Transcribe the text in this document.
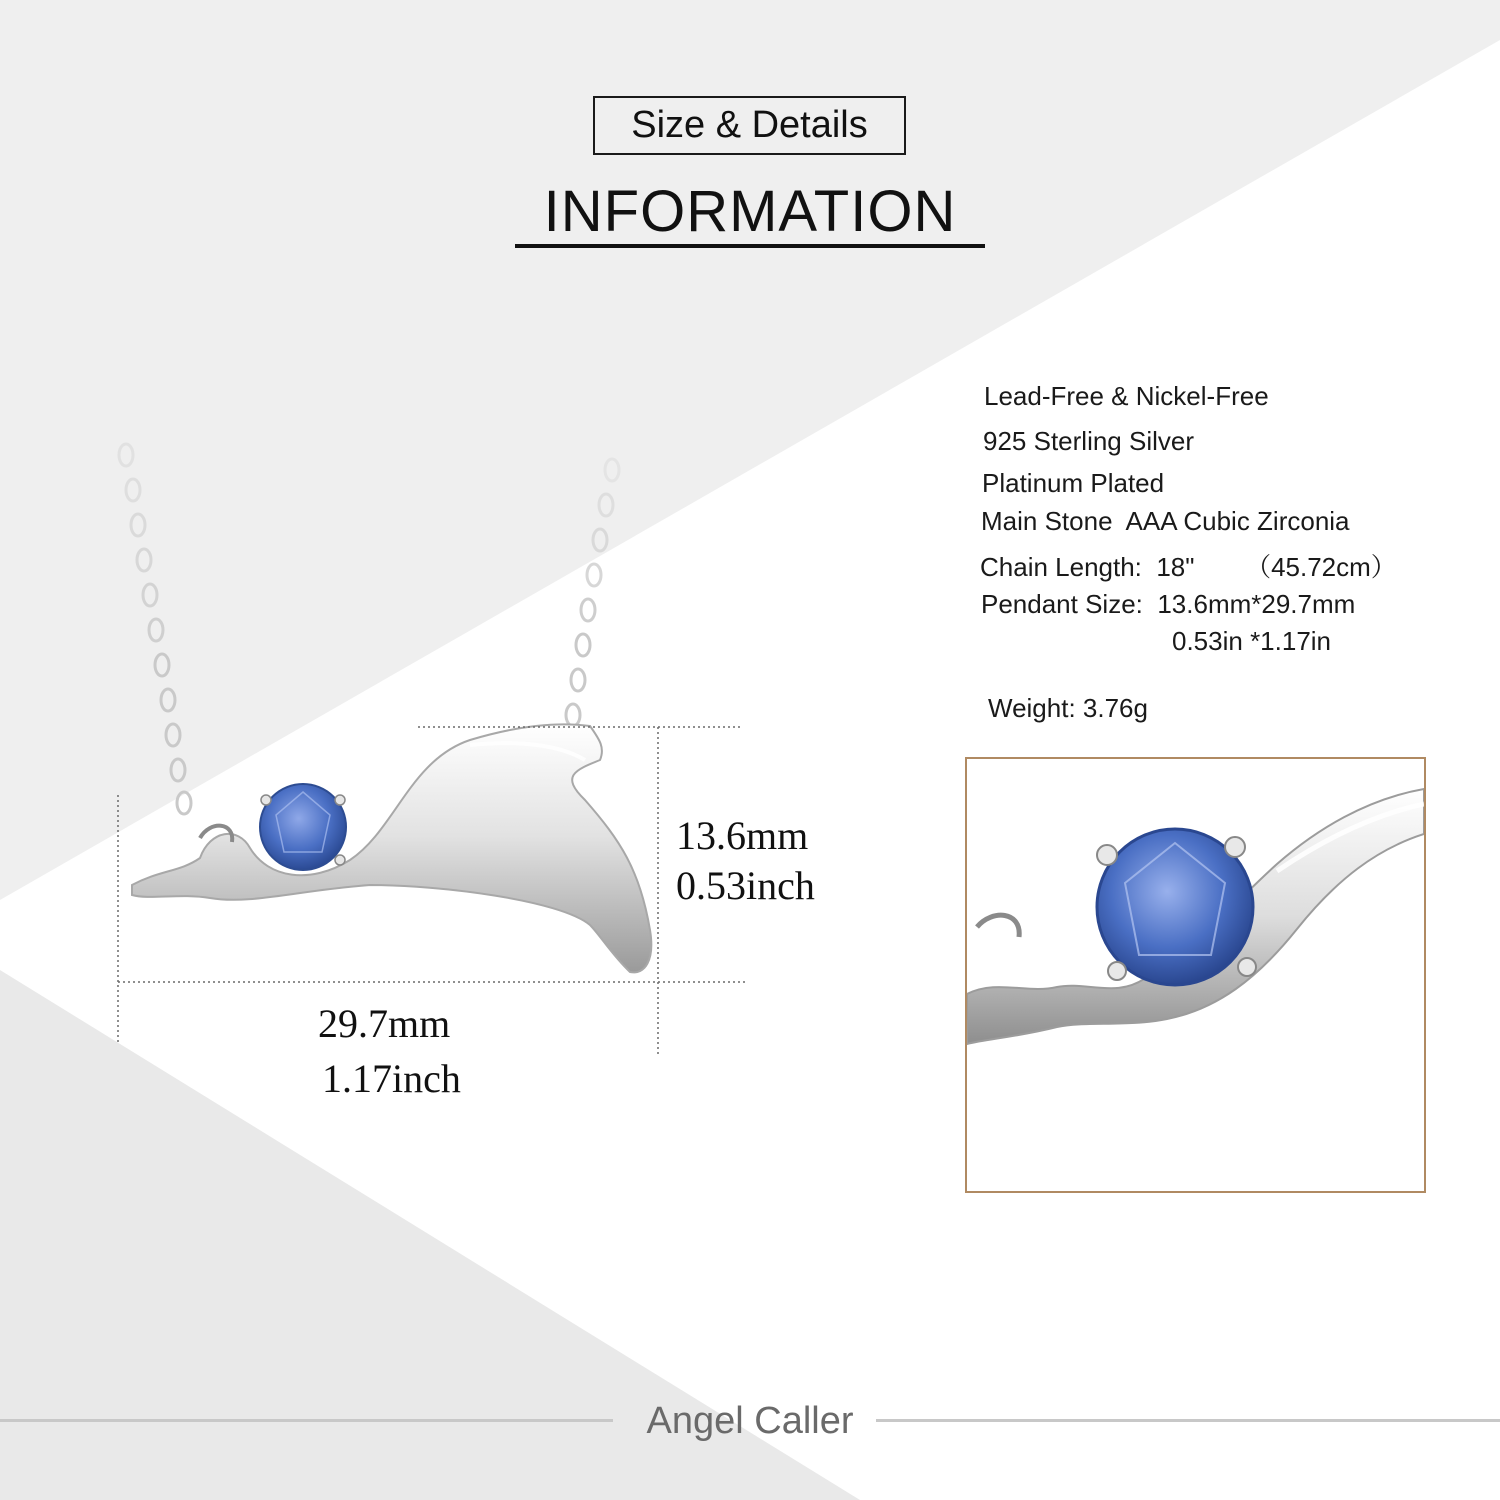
Size & Details
INFORMATION
Lead-Free & Nickel-Free
925 Sterling Silver
Platinum Plated
Main Stone  AAA Cubic Zirconia
Chain Length:  18"       （45.72cm）
Pendant Size:  13.6mm*29.7mm
0.53in *1.17in
Weight: 3.76g
13.6mm
0.53inch
29.7mm
1.17inch
Angel Caller
